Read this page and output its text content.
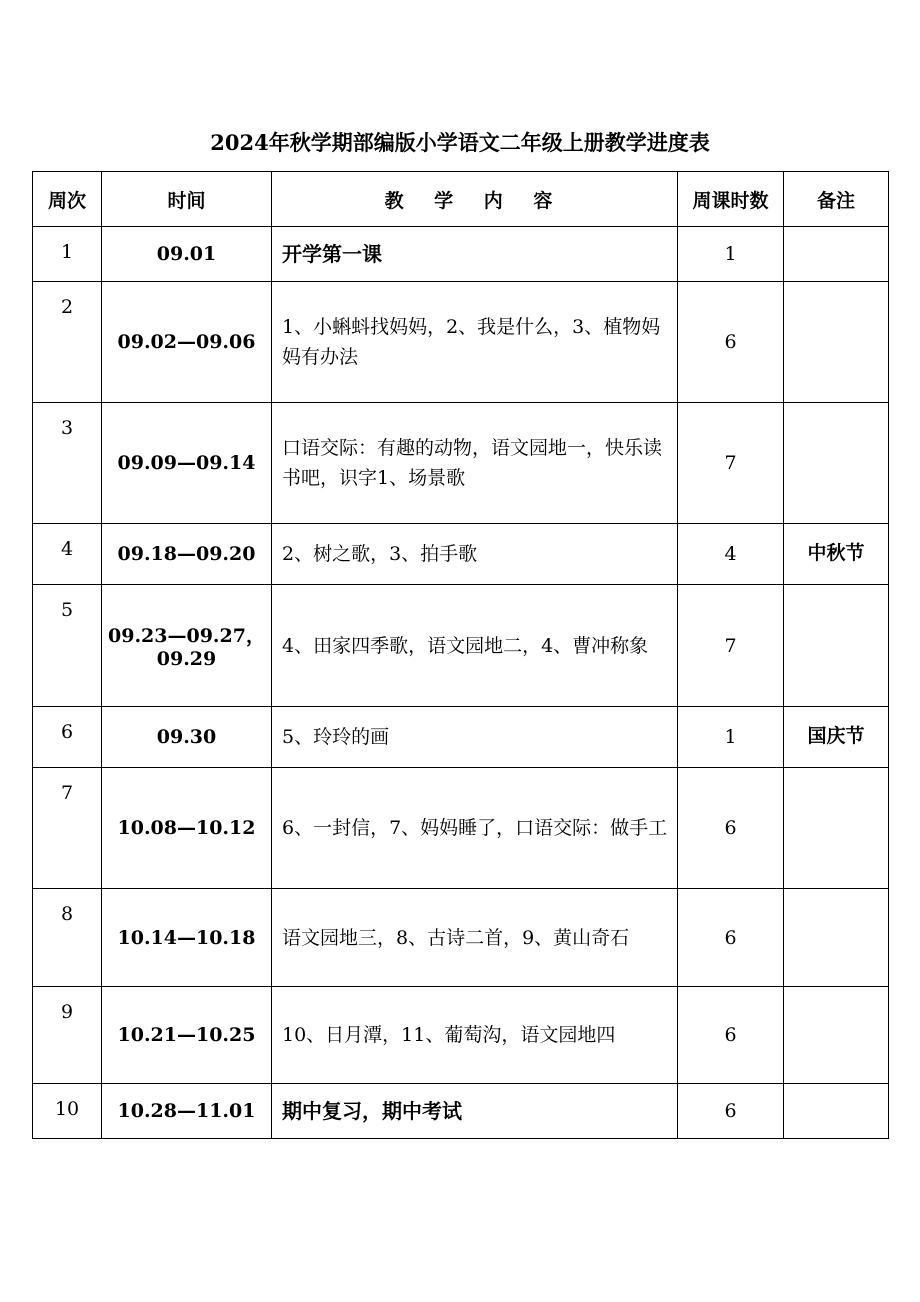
2024年秋学期部编版小学语文二年级上册教学进度表
周次	时间	教 学 内 容	周课时数	备注
1	09.01	开学第一课	1	
2	09.02—09.06	1、小蝌蚪找妈妈，2、我是什么，3、植物妈妈有办法	6	
3	09.09—09.14	口语交际：有趣的动物，语文园地一，快乐读书吧，识字1、场景歌	7	
4	09.18—09.20	2、树之歌，3、拍手歌	4	中秋节
5	09.23—09.27，09.29	4、田家四季歌，语文园地二，4、曹冲称象	7	
6	09.30	5、玲玲的画	1	国庆节
7	10.08—10.12	6、一封信，7、妈妈睡了，口语交际：做手工	6	
8	10.14—10.18	语文园地三，8、古诗二首，9、黄山奇石	6	
9	10.21—10.25	10、日月潭，11、葡萄沟，语文园地四	6	
10	10.28—11.01	期中复习，期中考试	6	
